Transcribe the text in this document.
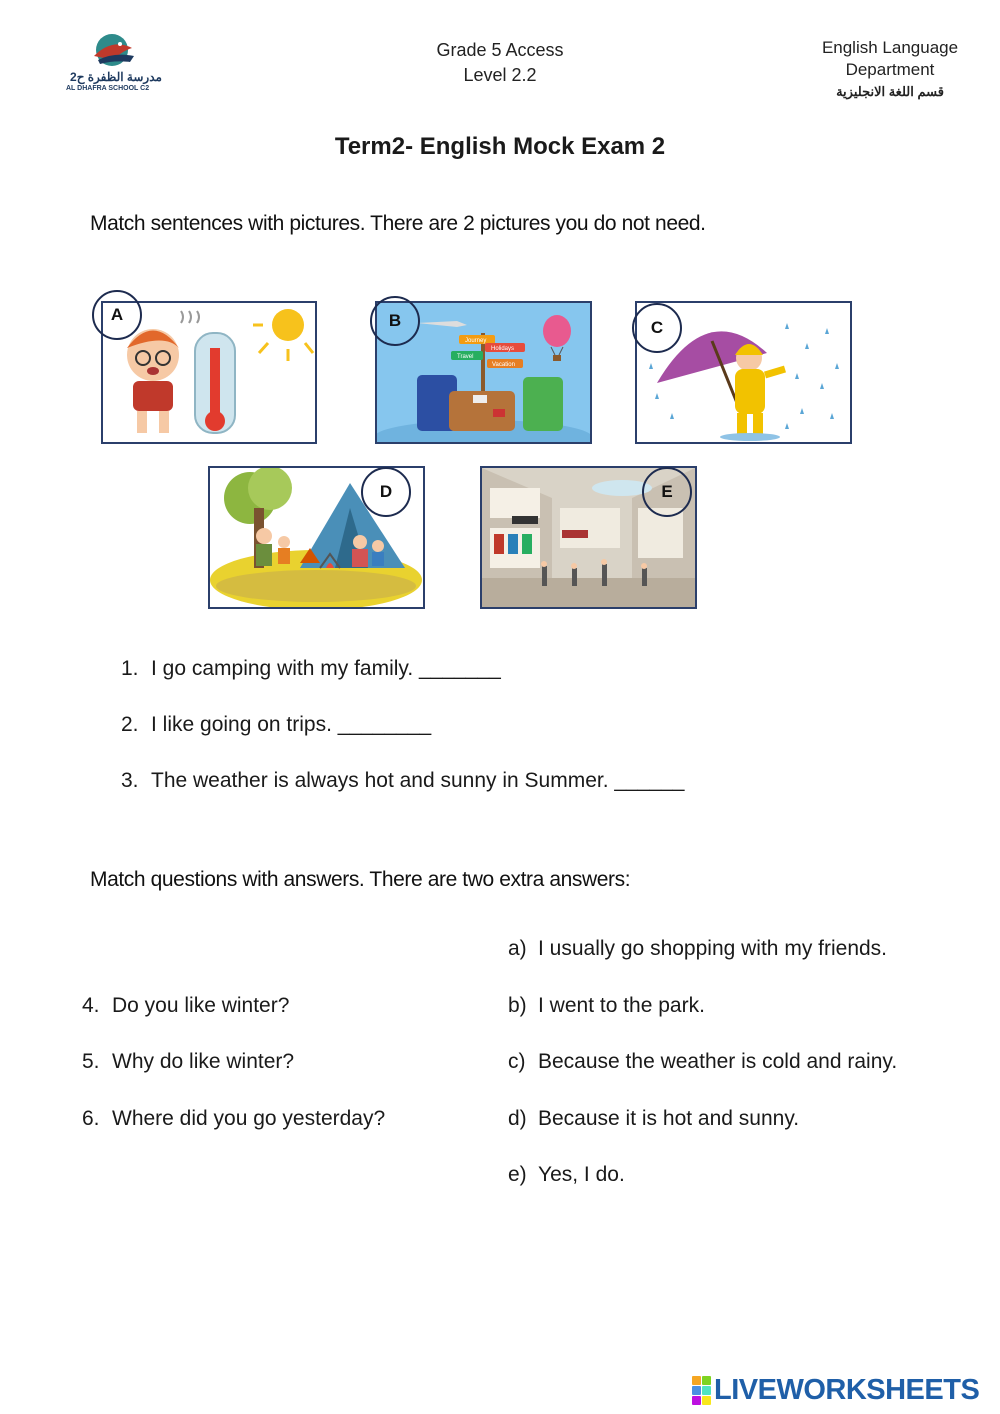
مدرسة الظفرة ح2
AL DHAFRA SCHOOL C2
Grade 5 Access
Level 2.2
English Language
Department
قسم اللغة الانجليزية
Term2- English Mock Exam 2
Match sentences with pictures. There are 2 pictures you do not need.
A
Journey
Holidays
Travel
Vacation
B	C
D	E
1. I go camping with my family. _______
2. I like going on trips. ________
3. The weather is always hot and sunny in Summer. ______
Match questions with answers. There are two extra answers:
4. Do you like winter?
5. Why do like winter?
6. Where did you go yesterday?
a) I usually go shopping with my friends.
b) I went to the park.
c) Because the weather is cold and rainy.
d) Because it is hot and sunny.
e) Yes, I do.
LIVEWORKSHEETS
